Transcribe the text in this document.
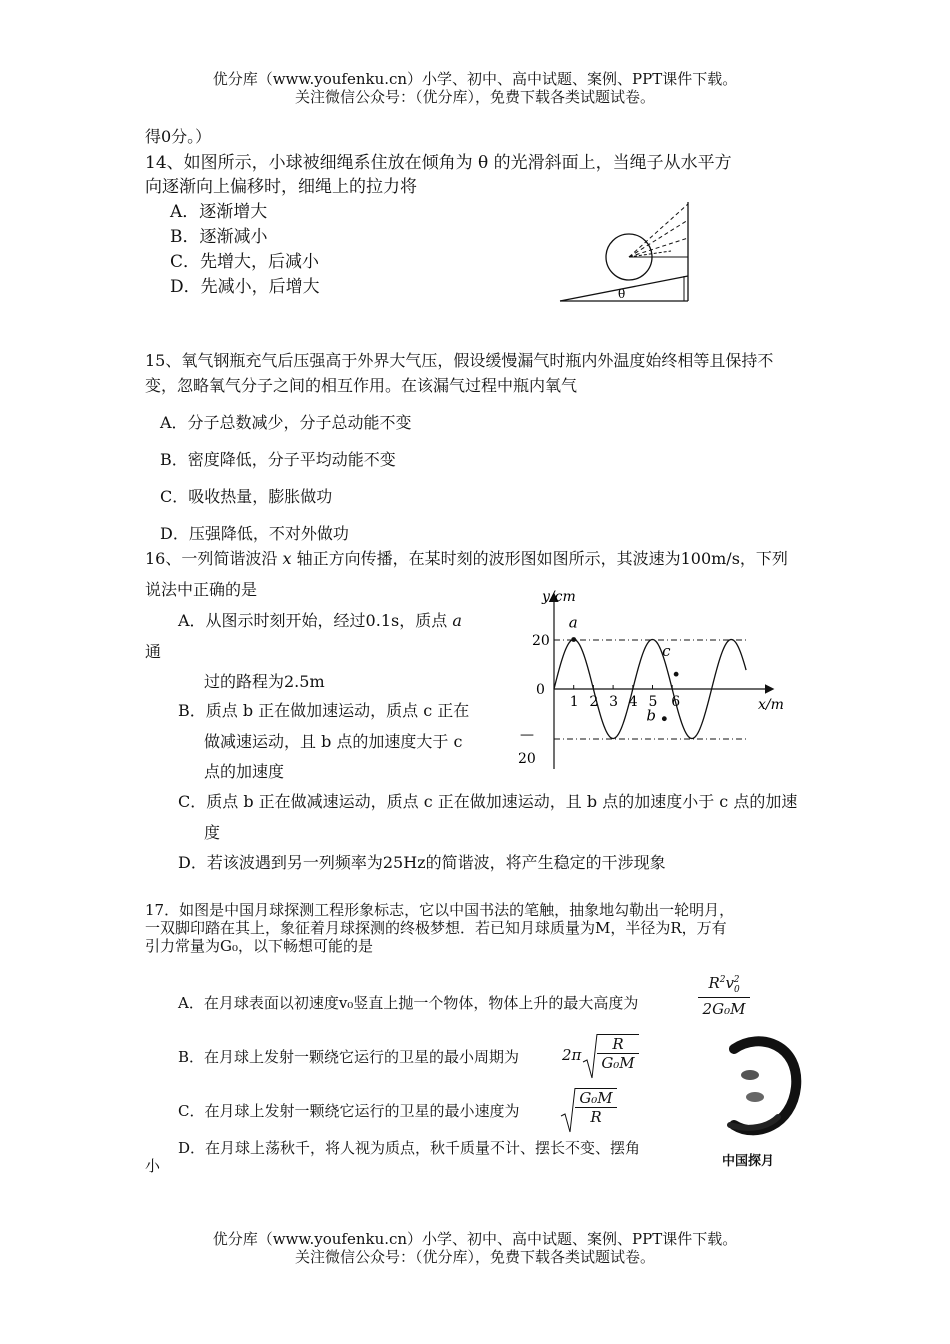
优分库（www.youfenku.cn）小学、初中、高中试题、案例、PPT课件下载。
关注微信公众号：（优分库），免费下载各类试题试卷。
得0分。）
14、如图所示，小球被细绳系住放在倾角为 θ 的光滑斜面上，当绳子从水平方
向逐渐向上偏移时，细绳上的拉力将
A．逐渐增大
B．逐渐减小
C．先增大，后减小
D．先减小，后增大	θ
15、氧气钢瓶充气后压强高于外界大气压，假设缓慢漏气时瓶内外温度始终相等且保持不
变，忽略氧气分子之间的相互作用。在该漏气过程中瓶内氧气
A．分子总数减少，分子总动能不变
B．密度降低，分子平均动能不变
C．吸收热量，膨胀做功
D．压强降低，不对外做功
16、一列简谐波沿 x 轴正方向传播，在某时刻的波形图如图所示，其波速为100m/s，下列
说法中正确的是
A．从图示时刻开始，经过0.1s，质点 a
通
过的路程为2.5m
B．质点 b 正在做加速运动，质点 c 正在
做减速运动，且 b 点的加速度大于 c
点的加速度
C．质点 b 正在做减速运动，质点 c 正在做加速运动，且 b 点的加速度小于 c 点的加速
度
D．若该波遇到另一列频率为25Hz的简谐波，将产生稳定的干涉现象
1 2 3 4 5 6
a
b
c
y/cm
x/m
20
—
20
0
17．如图是中国月球探测工程形象标志，它以中国书法的笔触，抽象地勾勒出一轮明月，
一双脚印踏在其上，象征着月球探测的终极梦想．若已知月球质量为M，半径为R，万有
引力常量为G₀，以下畅想可能的是
A．在月球表面以初速度v₀竖直上抛一个物体，物体上升的最大高度为	$\frac{R^2v_0^2}{\text{2G₀M}}$
B．在月球上发射一颗绕它运行的卫星的最小周期为	$2\pi \frac{R}{\text{G₀M}}$
C．在月球上发射一颗绕它运行的卫星的最小速度为	$\frac{\text{G₀M}}{R}$
D．在月球上荡秋千，将人视为质点，秋千质量不计、摆长不变、摆角
小	中国探月
优分库（www.youfenku.cn）小学、初中、高中试题、案例、PPT课件下载。
关注微信公众号：（优分库），免费下载各类试题试卷。
